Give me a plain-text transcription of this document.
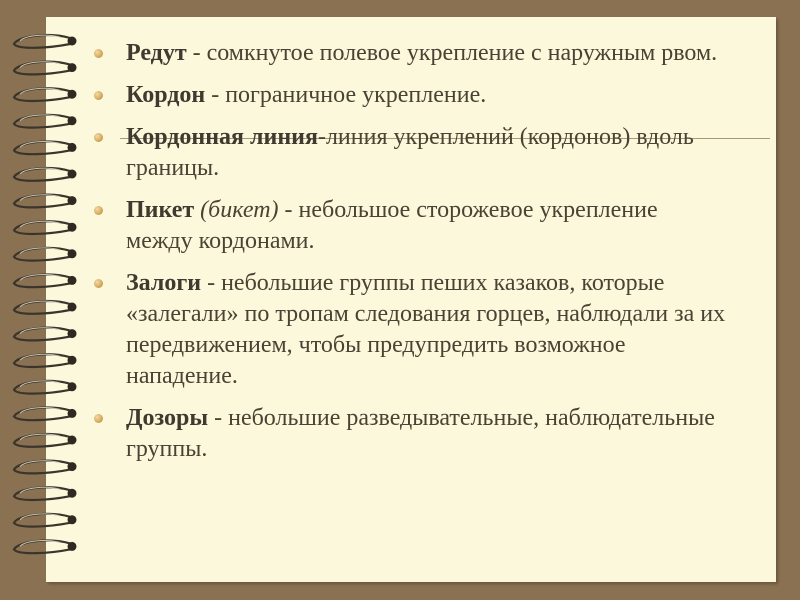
Редут - сомкнутое полевое укрепление с наружным рвом.
Кордон - пограничное укрепление.
Кордонная линия-линия укреплений (кордонов) вдоль границы.
Пикет (бикет) - небольшое сторожевое укрепление между кордонами.
Залоги - небольшие группы пеших казаков, которые «залегали» по тропам следования горцев, наблюдали за их передвижением, чтобы предупредить возможное нападение.
Дозоры - небольшие разведывательные, наблюдательные группы.
